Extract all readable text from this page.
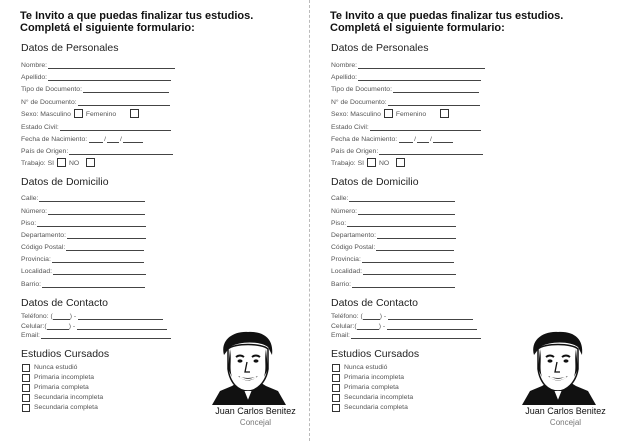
Te Invito a que puedas finalizar tus estudios.
Completá el siguiente formulario:
Datos de Personales
Nombre:
Apellido:
Tipo de Documento:
N° de Documento:
Sexo: Masculino Femenino
Estado Civil:
Fecha de Nacimiento:	/ /
País de Origen:
Trabajo: SI NO
Datos de Domicilio
Calle:
Número:
Piso:
Departamento:
Código Postal:
Provincia:
Localidad:
Barrio:
Datos de Contacto
Teléfono: (	) -
Celular:(	) -
Email:
Estudios Cursados
Nunca estudió
Primaria incompleta
Primaria completa
Secundaria incompleta
Secundaria completa	Juan Carlos Benitez
Concejal
Te Invito a que puedas finalizar tus estudios.
Completá el siguiente formulario:
Datos de Personales
Nombre:
Apellido:
Tipo de Documento:
N° de Documento:
Sexo: Masculino Femenino
Estado Civil:
Fecha de Nacimiento:	/ /
País de Origen:
Trabajo: SI NO
Datos de Domicilio
Calle:
Número:
Piso:
Departamento:
Código Postal:
Provincia:
Localidad:
Barrio:
Datos de Contacto
Teléfono: (	) -
Celular:(	) -
Email:
Estudios Cursados
Nunca estudió
Primaria incompleta
Primaria completa
Secundaria incompleta
Secundaria completa	Juan Carlos Benitez
Concejal
